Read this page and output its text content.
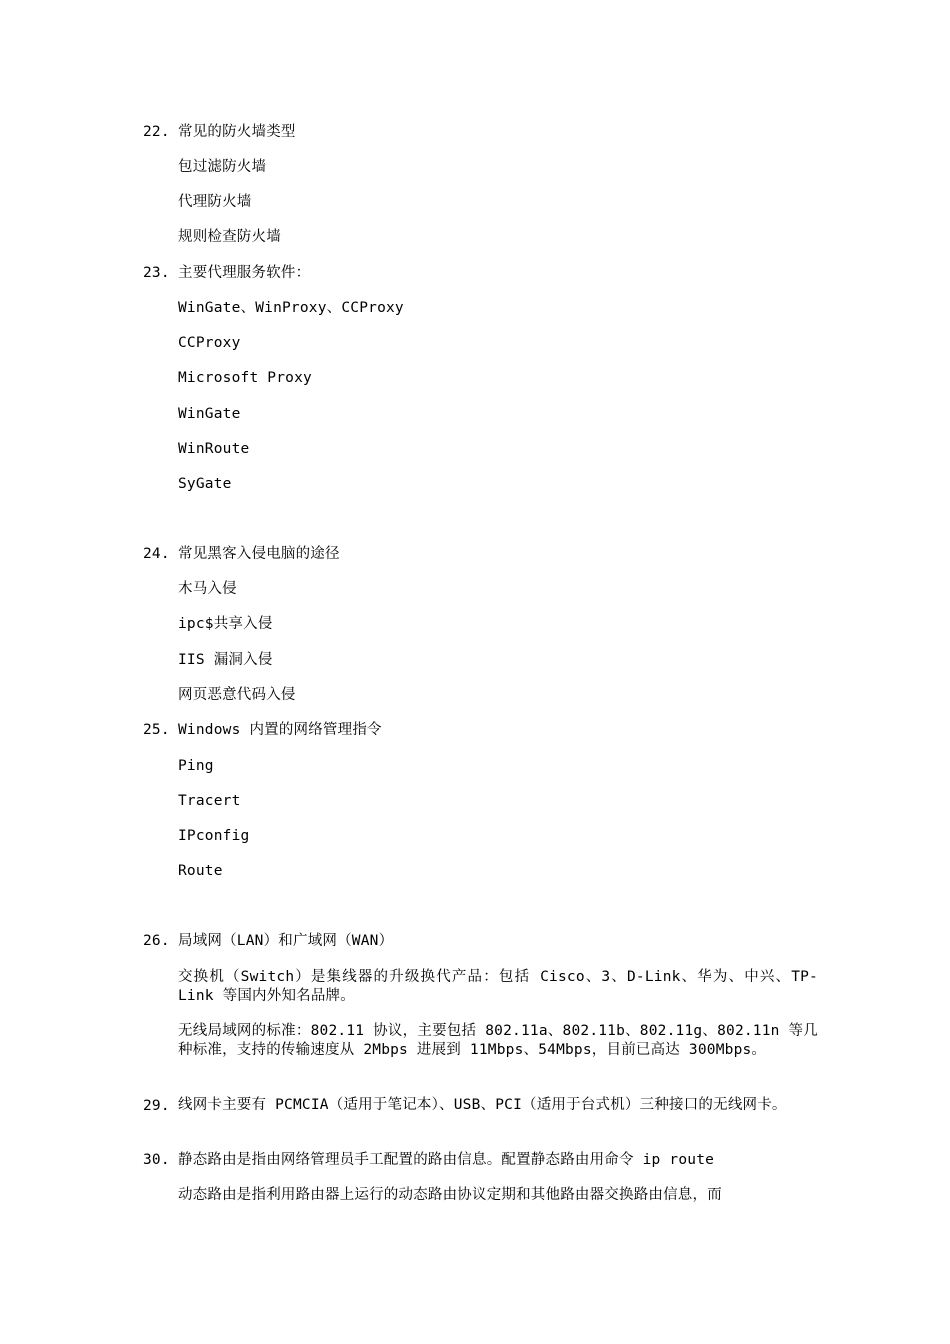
22. 常见的防火墙类型
包过滤防火墙
代理防火墙
规则检查防火墙
23. 主要代理服务软件：
WinGate、WinProxy、CCProxy
CCProxy
Microsoft Proxy
WinGate
WinRoute
SyGate
24. 常见黑客入侵电脑的途径
木马入侵
ipc$共享入侵
IIS 漏洞入侵
网页恶意代码入侵
25. Windows 内置的网络管理指令
Ping
Tracert
IPconfig
Route
26. 局域网（LAN）和广域网（WAN）
交换机（Switch）是集线器的升级换代产品：包括 Cisco、3、D-Link、华为、中兴、TP-Link 等国内外知名品牌。
无线局域网的标准：802.11 协议，主要包括 802.11a、802.11b、802.11g、802.11n 等几种标准，支持的传输速度从 2Mbps 进展到 11Mbps、54Mbps，目前已高达 300Mbps。
29. 线网卡主要有 PCMCIA（适用于笔记本）、USB、PCI（适用于台式机）三种接口的无线网卡。
30. 静态路由是指由网络管理员手工配置的路由信息。配置静态路由用命令 ip route
动态路由是指利用路由器上运行的动态路由协议定期和其他路由器交换路由信息，而
